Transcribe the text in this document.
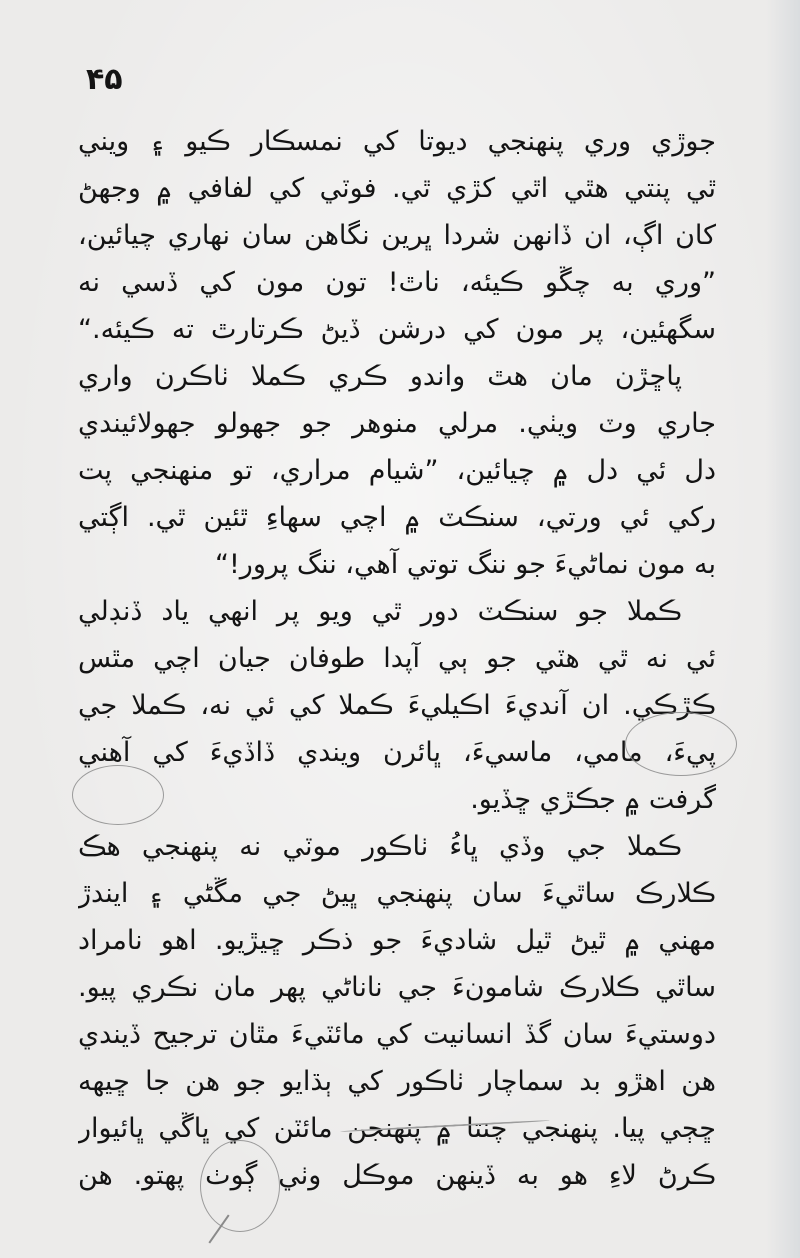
۴۵
جوڙي وري پنهنجي ديوتا کي نمسڪار ڪيو ۽ ويني
ٿي پنتي هٿي اٿي کڙي ٿي. فوٽي کي لفافي ۾ وجهڻ
کان اڳ، ان ڏانهن شردا ڀرين نگاهن سان نهاري چيائين،
”وري به چڱو ڪيئه، ناٿ! تون مون کي ڏسي نه
سگهئين، پر مون کي درشن ڏيڻ ڪرتارٿ ته ڪيئه.“
پاڇڙن مان هٿ واندو ڪري ڪملا ٺاڪرن واري
جاري وٽ ويٺي. مرلي منوهر جو جهولو جهولائيندي
دل ئي دل ۾ چيائين، ”شيام مراري، تو منهنجي پت
رکي ئي ورتي، سنڪٽ ۾ اچي سهاءِ ٿئين ٿي. اڳتي
به مون نماڻيءَ جو ننگ توتي آهي، ننگ پرور!“
ڪملا جو سنڪٽ دور ٿي ويو پر انهي ياد ڏنڊلي
ئي نه ٿي هٽي جو ٻي آپدا طوفان جيان اچي مٿس
ڪڙڪي. ان آنديءَ اڪيليءَ ڪملا کي ئي نه، ڪملا جي
پيءَ، مامي، ماسيءَ، ڀائرن ويندي ڏاڏيءَ کي آهني
گرفت ۾ جڪڙي ڇڏيو.
ڪملا جي وڏي ڀاءُ ٺاڪور موٽي نه پنهنجي هڪ
ڪلارڪ ساٿيءَ سان پنهنجي ڀيڻ جي مڱڻي ۽ ايندڙ
مهني ۾ ٿيڻ ٿيل شاديءَ جو ذڪر ڇيڙيو. اهو نامراد
ساٿي ڪلارڪ شامونءَ جي ناناڻي پهر مان نڪري پيو.
دوستيءَ سان گڏ انسانيت کي مائٽيءَ مٿان ترجيح ڏيندي
هن اهڙو بد سماچار ٺاڪور کي ٻڌايو جو هن جا ڇيهه
ڇڄي پيا. پنهنجي چنتا ۾ پنهنجن مائٽن کي ڀاڱي ڀائيوار
ڪرڻ لاءِ هو به ڏينهن موڪل وٺي ڳوٺ پهتو. هن
